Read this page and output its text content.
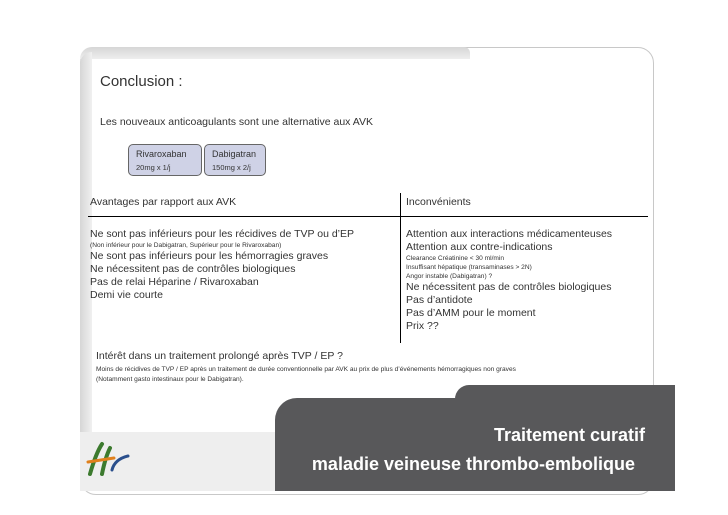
Conclusion :
Les nouveaux anticoagulants sont une alternative aux AVK
Rivaroxaban
20mg x 1/j
Dabigatran
150mg x 2/j
Avantages par rapport aux AVK	Inconvénients
Ne sont pas inférieurs pour les récidives de TVP ou d’EP
(Non inférieur pour le Dabigatran, Supérieur pour le Rivaroxaban)
Ne sont pas inférieurs pour les hémorragies graves
Ne nécessitent pas de contrôles biologiques
Pas de relai Héparine / Rivaroxaban
Demi vie courte
Attention aux interactions médicamenteuses
Attention aux contre-indications
Clearance Créatinine < 30 ml/min
Insuffisant hépatique (transaminases > 2N)
Angor instable (Dabigatran) ?
Ne nécessitent pas de contrôles biologiques
Pas d’antidote
Pas d’AMM pour le moment
Prix ??
Intérêt dans un traitement prolongé après TVP / EP ?
Moins de récidives de TVP / EP après un traitement de durée conventionnelle par AVK au prix de plus d’événements hémorragiques non graves
(Notamment gasto intestinaux pour le Dabigatran).
Traitement curatif
maladie veineuse thrombo-embolique
